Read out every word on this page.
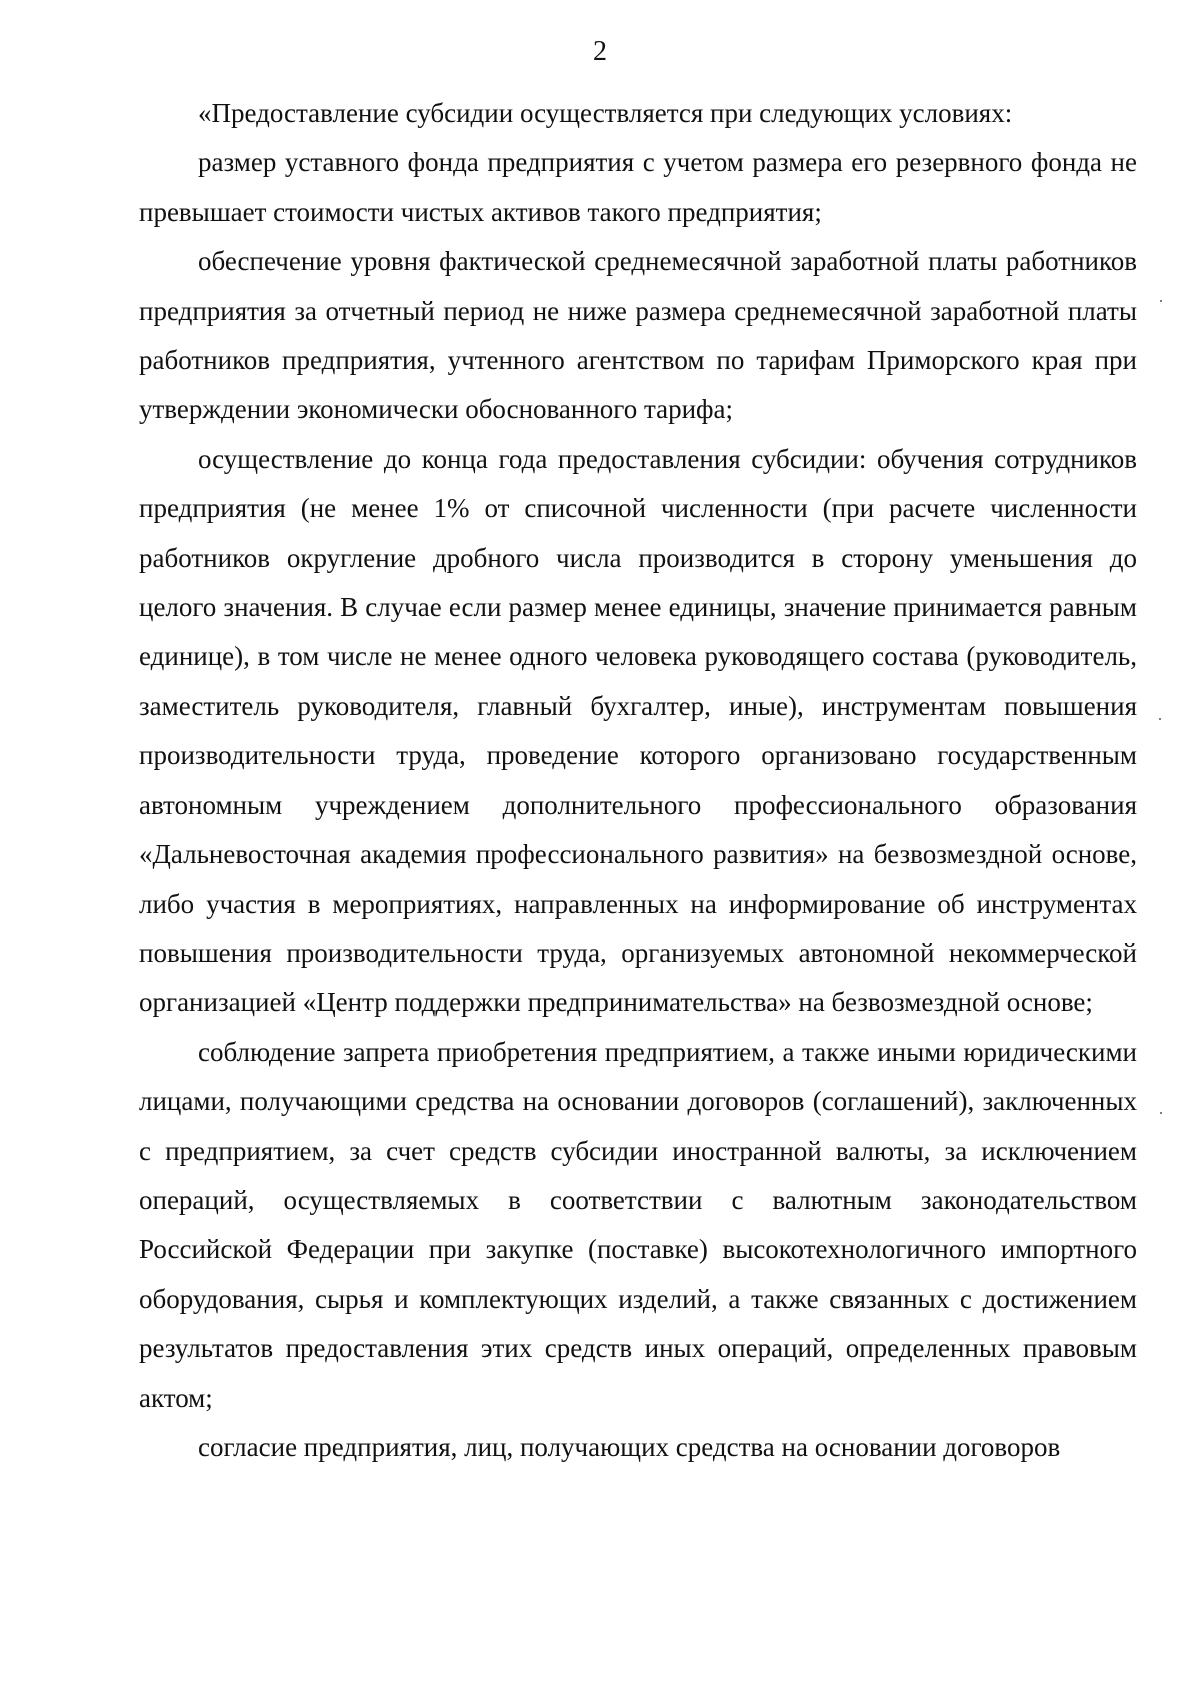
2

«Предоставление субсидии осуществляется при следующих условиях:

размер уставного фонда предприятия с учетом размера его резервного фонда не превышает стоимости чистых активов такого предприятия;

обеспечение уровня фактической среднемесячной заработной платы работников предприятия за отчетный период не ниже размера среднемесячной заработной платы работников предприятия, учтенного агентством по тарифам Приморского края при утверждении экономически обоснованного тарифа;

осуществление до конца года предоставления субсидии: обучения сотрудников предприятия (не менее 1% от списочной численности (при расчете численности работников округление дробного числа производится в сторону уменьшения до целого значения. В случае если размер менее единицы, значение принимается равным единице), в том числе не менее одного человека руководящего состава (руководитель, заместитель руководителя, главный бухгалтер, иные), инструментам повышения производительности труда, проведение которого организовано государственным автономным учреждением дополнительного профессионального образования «Дальневосточная академия профессионального развития» на безвозмездной основе, либо участия в мероприятиях, направленных на информирование об инструментах повышения производительности труда, организуемых автономной некоммерческой организацией «Центр поддержки предпринимательства» на безвозмездной основе;

соблюдение запрета приобретения предприятием, а также иными юридическими лицами, получающими средства на основании договоров (соглашений), заключенных с предприятием, за счет средств субсидии иностранной валюты, за исключением операций, осуществляемых в соответствии с валютным законодательством Российской Федерации при закупке (поставке) высокотехнологичного импортного оборудования, сырья и комплектующих изделий, а также связанных с достижением результатов предоставления этих средств иных операций, определенных правовым актом;

согласие предприятия, лиц, получающих средства на основании договоров
